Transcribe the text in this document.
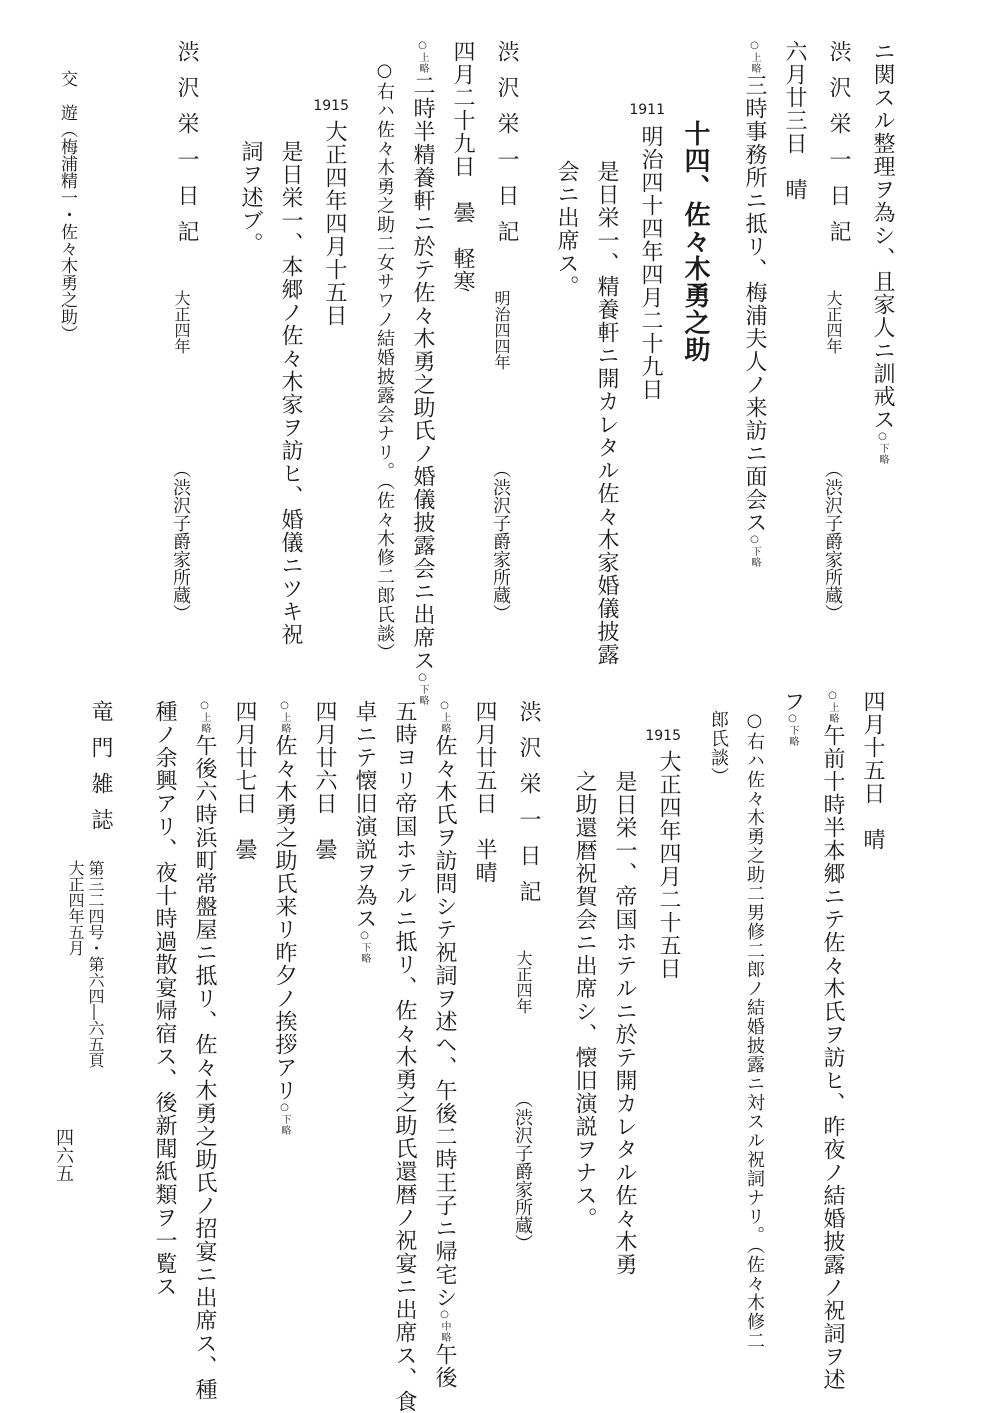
ニ関スル整理ヲ為シ、且家人ニ訓戒ス○下略
渋沢栄一日記
大正四年
（渋沢子爵家所蔵）
六月廿三日　晴
○上略三時事務所ニ抵リ、梅浦夫人ノ来訪ニ面会ス○下略
十四、佐々木勇之助
1911
明治四十四年四月二十九日
是日栄一、精養軒ニ開カレタル佐々木家婚儀披露
会ニ出席ス。
渋沢栄一日記
明治四四年
（渋沢子爵家所蔵）
四月二十九日　曇　軽寒
○上略二時半精養軒ニ於テ佐々木勇之助氏ノ婚儀披露会ニ出席ス○下略
○右ハ佐々木勇之助二女サワノ結婚披露会ナリ。（佐々木修二郎氏談）
1915
大正四年四月十五日
是日栄一、本郷ノ佐々木家ヲ訪ヒ、婚儀ニツキ祝
詞ヲ述ブ。
渋沢栄一日記
大正四年
（渋沢子爵家所蔵）
四月十五日　晴
○上略午前十時半本郷ニテ佐々木氏ヲ訪ヒ、昨夜ノ結婚披露ノ祝詞ヲ述
フ○下略
○右ハ佐々木勇之助二男修二郎ノ結婚披露ニ対スル祝詞ナリ。（佐々木修二
郎氏談）
1915
大正四年四月二十五日
是日栄一、帝国ホテルニ於テ開カレタル佐々木勇
之助還暦祝賀会ニ出席シ、懐旧演説ヲナス。
渋沢栄一日記
大正四年
（渋沢子爵家所蔵）
四月廿五日　半晴
○上略佐々木氏ヲ訪問シテ祝詞ヲ述ヘ、午後二時王子ニ帰宅シ○中略午後
五時ヨリ帝国ホテルニ抵リ、佐々木勇之助氏還暦ノ祝宴ニ出席ス、食
卓ニテ懐旧演説ヲ為ス○下略
四月廿六日　曇
○上略佐々木勇之助氏来リ昨夕ノ挨拶アリ○下略
四月廿七日　曇
○上略午後六時浜町常盤屋ニ抵リ、佐々木勇之助氏ノ招宴ニ出席ス、種
種ノ余興アリ、夜十時過散宴帰宿ス、後新聞紙類ヲ一覧ス
竜門雑誌
第三二四号・第六四―六五頁
大正四年五月
交　遊（梅浦精一・佐々木勇之助）
四六五
